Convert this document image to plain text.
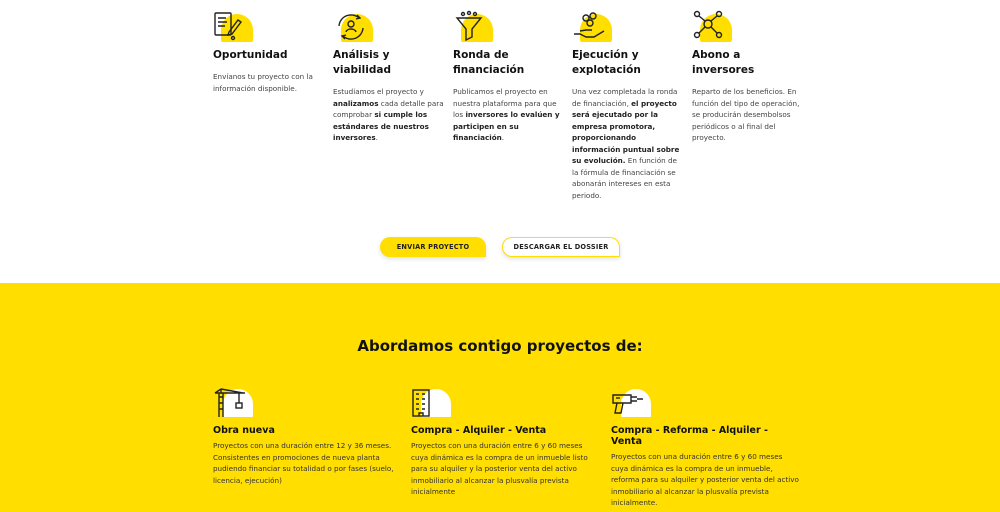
Oportunidad
Envíanos tu proyecto con la información disponible.
Análisis y viabilidad
Estudiamos el proyecto y analizamos cada detalle para comprobar si cumple los estándares de nuestros inversores.
Ronda de financiación
Publicamos el proyecto en nuestra plataforma para que los inversores lo evalúen y participen en su financiación.
Ejecución y explotación
Una vez completada la ronda de financiación, el proyecto será ejecutado por la empresa promotora, proporcionando información puntual sobre su evolución. En función de la fórmula de financiación se abonarán intereses en esta periodo.
Abono a inversores
Reparto de los beneficios. En función del tipo de operación, se producirán desembolsos periódicos o al final del proyecto.
ENVIAR PROYECTO	DESCARGAR EL DOSSIER
Abordamos contigo proyectos de:
Obra nueva
Proyectos con una duración entre 12 y 36 meses. Consistentes en promociones de nueva planta pudiendo financiar su totalidad o por fases (suelo, licencia, ejecución)
Compra - Alquiler - Venta
Proyectos con una duración entre 6 y 60 meses cuya dinámica es la compra de un inmueble listo para su alquiler y la posterior venta del activo inmobiliario al alcanzar la plusvalía prevista inicialmente
Compra - Reforma - Alquiler - Venta
Proyectos con una duración entre 6 y 60 meses cuya dinámica es la compra de un inmueble, reforma para su alquiler y posterior venta del activo inmobiliario al alcanzar la plusvalía prevista inicialmente.
